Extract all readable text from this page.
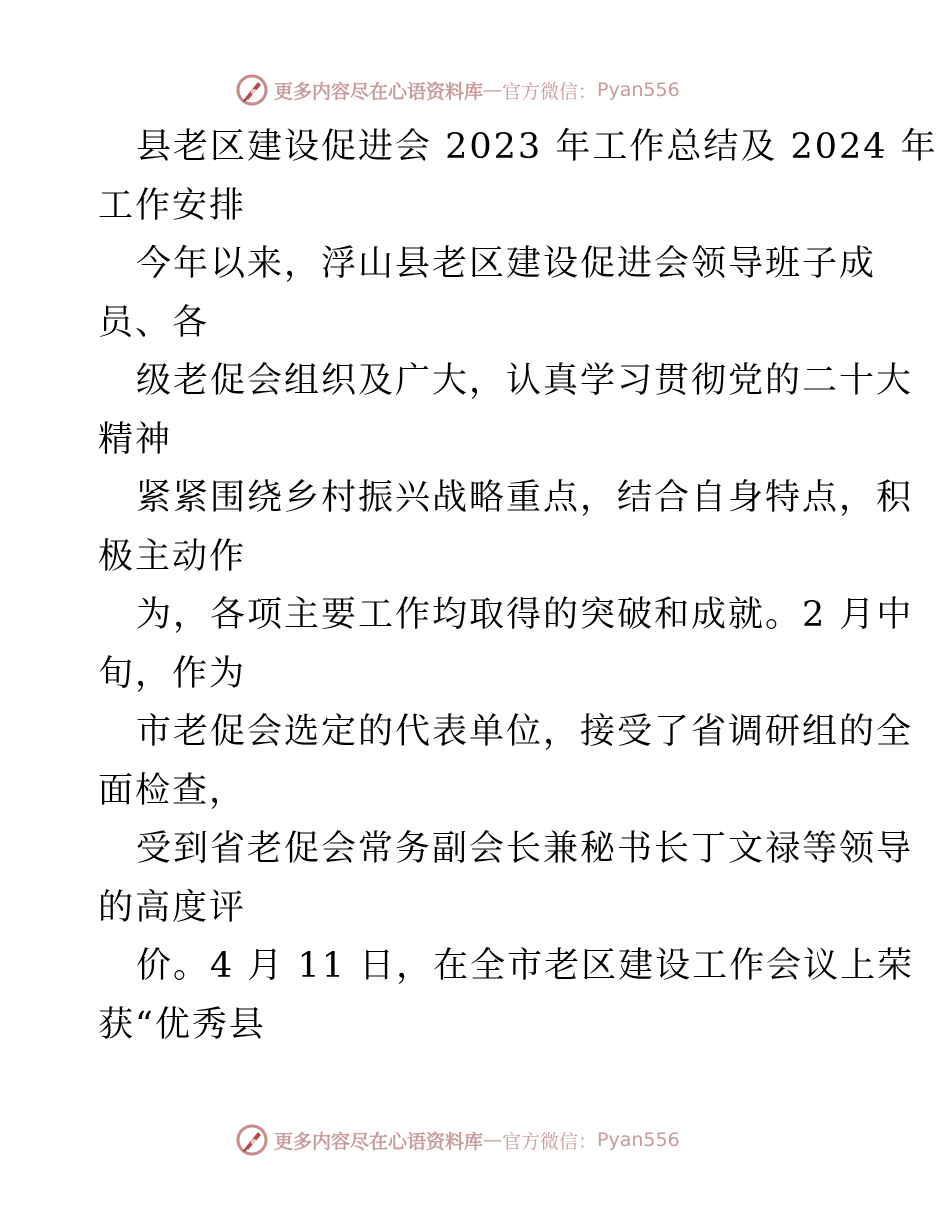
更多内容尽在心语资料库 — 官方微信： Pyan556
县老区建设促进会 2023 年工作总结及 2024 年
工作安排
今年以来，浮山县老区建设促进会领导班子成
员、各
级老促会组织及广大，认真学习贯彻党的二十大
精神
紧紧围绕乡村振兴战略重点，结合自身特点，积
极主动作
为，各项主要工作均取得的突破和成就。2 月中
旬，作为
市老促会选定的代表单位，接受了省调研组的全
面检查，
受到省老促会常务副会长兼秘书长丁文禄等领导
的高度评
价。4 月 11 日，在全市老区建设工作会议上荣
获“优秀县
更多内容尽在心语资料库 — 官方微信： Pyan556
